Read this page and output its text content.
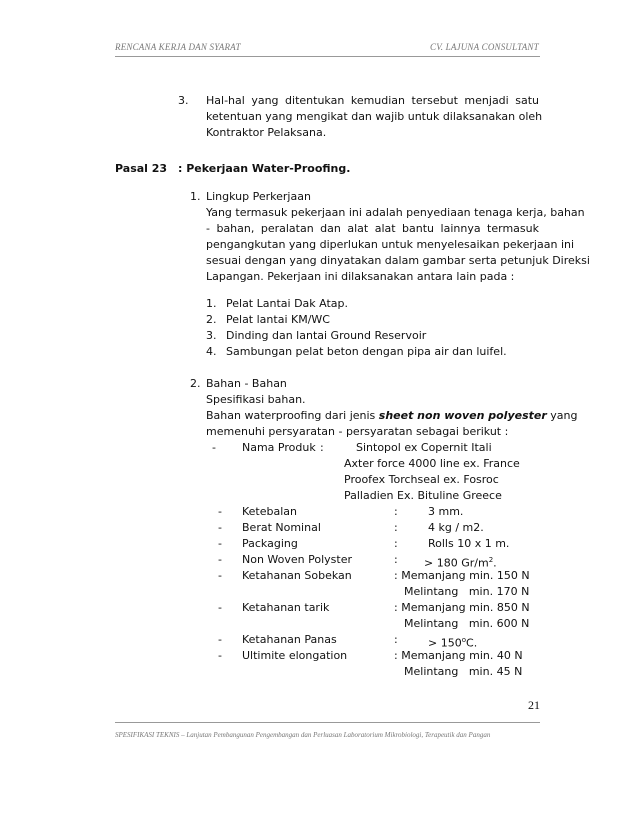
RENCANA KERJA DAN SYARAT	CV. LAJUNA CONSULTANT
3. Hal-hal yang ditentukan kemudian tersebut menjadi satu
ketentuan yang mengikat dan wajib untuk dilaksanakan oleh
Kontraktor Pelaksana.
Pasal 23 : Pekerjaan Water-Proofing.
1. Lingkup Perkerjaan
Yang termasuk pekerjaan ini adalah penyediaan tenaga kerja, bahan
- bahan, peralatan dan alat alat bantu lainnya termasuk
pengangkutan yang diperlukan untuk menyelesaikan pekerjaan ini
sesuai dengan yang dinyatakan dalam gambar serta petunjuk Direksi
Lapangan. Pekerjaan ini dilaksanakan antara lain pada :
1. Pelat Lantai Dak Atap.
2. Pelat lantai KM/WC
3. Dinding dan lantai Ground Reservoir
4. Sambungan pelat beton dengan pipa air dan luifel.
2. Bahan - Bahan
Spesifikasi bahan.
Bahan waterproofing dari jenis sheet non woven polyester yang
memenuhi persyaratan - persyaratan sebagai berikut :
- Nama Produk :	Sintopol ex Copernit Itali
Axter force 4000 line ex. France
Proofex Torchseal ex. Fosroc
Palladien Ex. Bituline Greece
- Ketebalan	:	3 mm.
- Berat Nominal	:	4 kg / m2.
- Packaging	:	Rolls 10 x 1 m.
- Non Woven Polyster	: > 180 $Gr/m^2$.
- Ketahanan Sobekan	: Memanjang min. 150 N
Melintang   min. 170 N
- Ketahanan tarik	: Memanjang min. 850 N
Melintang   min. 600 N
- Ketahanan Panas	:	> $150^oC$.
- Ultimite elongation	: Memanjang min. 40 N
Melintang   min. 45 N
21
SPESIFIKASI TEKNIS – Lanjutan Pembangunan Pengembangan dan Perluasan Laboratorium Mikrobiologi, Terapeutik dan Pangan
